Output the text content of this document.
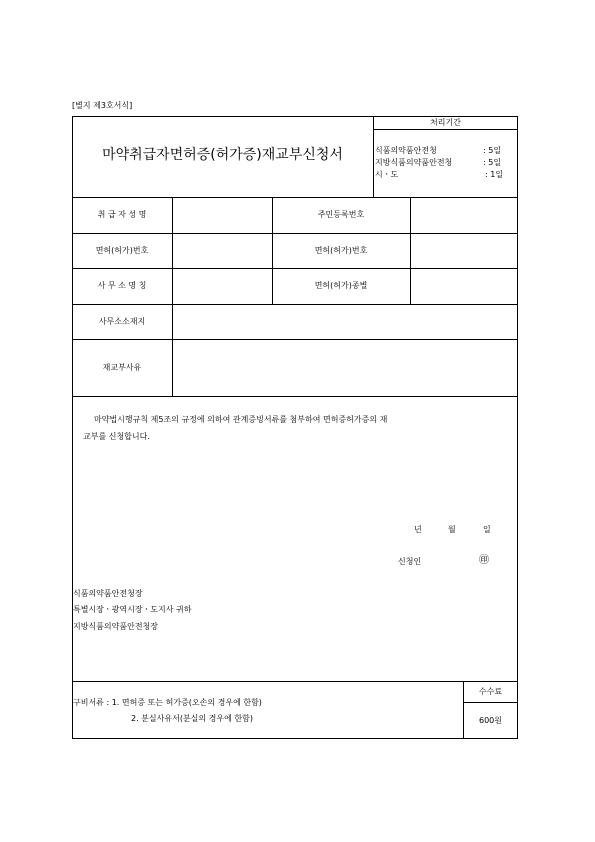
[별지 제3호서식]
마약취급자면허증(허가증)재교부신청서
처리기간
식품의약품안전청	: 5일
지방식품의약품안전청	: 5일
시ㆍ도	: 1일
취 급 자 성 명	주민등록번호
면허(허가)번호	면허(허가)번호
사 무 소 명 칭	면허(허가)종별
사무소소재지
재교부사유
마약법시행규칙 제5조의 규정에 의하여 관계증빙서류를 첨부하여 면허증허가증의 재
교부를 신청합니다.
년	월	일
신청인	㊞
식품의약품안전청장
특별시장ㆍ광역시장ㆍ도지사 귀하
지방식품의약품안전청장
구비서류 : 1. 면허증 또는 허가증(오손의 경우에 한함)
2. 분실사유서(분실의 경우에 한함)
수수료
600원
